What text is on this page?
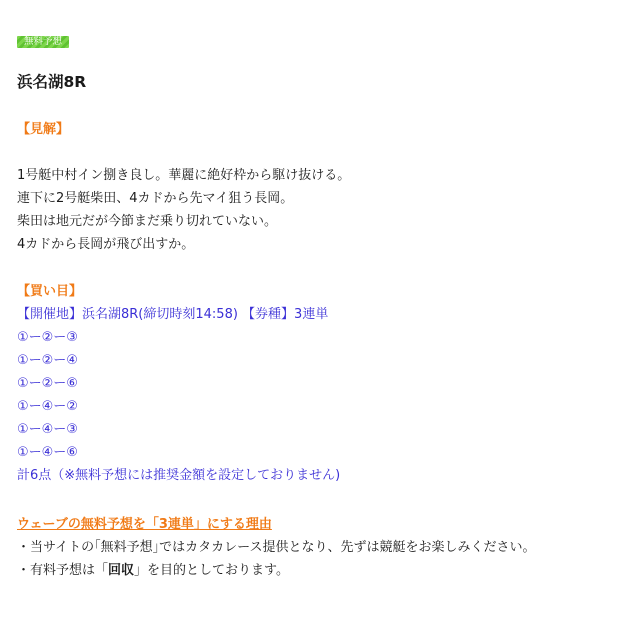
無料予想
浜名湖8R
【見解】
1号艇中村イン捌き良し。華麗に絶好枠から駆け抜ける。
連下に2号艇柴田、4カドから先マイ狙う長岡。
柴田は地元だが今節まだ乗り切れていない。
4カドから長岡が飛び出すか。
【買い目】
【開催地】浜名湖8R(締切時刻14:58) 【券種】3連単
①ー②ー③
①ー②ー④
①ー②ー⑥
①ー④ー②
①ー④ー③
①ー④ー⑥
計6点（※無料予想には推奨金額を設定しておりません)
ウェーブの無料予想を「3連単」にする理由
・当サイトの｢無料予想｣ではカタカレース提供となり、先ずは競艇をお楽しみください。
・有料予想は「回収」を目的としております。
